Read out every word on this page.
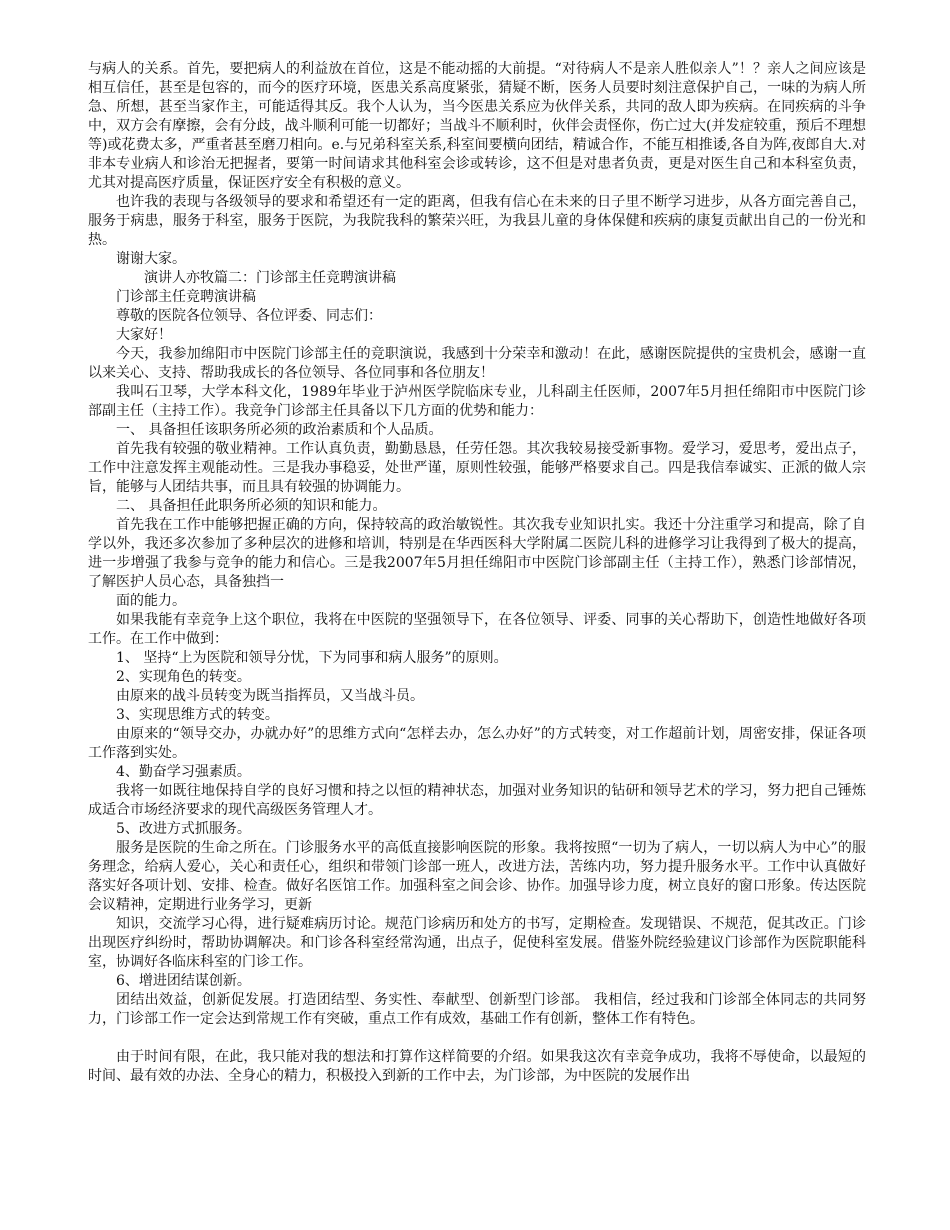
与病人的关系。首先，要把病人的利益放在首位，这是不能动摇的大前提。“对待病人不是亲人胜似亲人”！？亲人之间应该是相互信任，甚至是包容的，而今的医疗环境，医患关系高度紧张，猜疑不断，医务人员要时刻注意保护自己，一味的为病人所急、所想，甚至当家作主，可能适得其反。我个人认为，当今医患关系应为伙伴关系，共同的敌人即为疾病。在同疾病的斗争中，双方会有摩擦，会有分歧，战斗顺利可能一切都好；当战斗不顺利时，伙伴会责怪你，伤亡过大(并发症较重，预后不理想等)或花费太多，严重者甚至磨刀相向。e.与兄弟科室关系,科室间要横向团结，精诚合作，不能互相推诿,各自为阵,夜郎自大.对非本专业病人和诊治无把握者，要第一时间请求其他科室会诊或转诊，这不但是对患者负责，更是对医生自己和本科室负责，尤其对提高医疗质量，保证医疗安全有积极的意义。

也许我的表现与各级领导的要求和希望还有一定的距离，但我有信心在未来的日子里不断学习进步，从各方面完善自己，服务于病患，服务于科室，服务于医院，为我院我科的繁荣兴旺，为我县儿童的身体保健和疾病的康复贡献出自己的一份光和热。

谢谢大家。

演讲人亦牧篇二：门诊部主任竞聘演讲稿

门诊部主任竞聘演讲稿

尊敬的医院各位领导、各位评委、同志们：

大家好！

今天，我参加绵阳市中医院门诊部主任的竞职演说，我感到十分荣幸和激动！在此，感谢医院提供的宝贵机会，感谢一直以来关心、支持、帮助我成长的各位领导、各位同事和各位朋友！

我叫石卫琴，大学本科文化，1989年毕业于泸州医学院临床专业，儿科副主任医师，2007年5月担任绵阳市中医院门诊部副主任（主持工作）。我竞争门诊部主任具备以下几方面的优势和能力：

一、 具备担任该职务所必须的政治素质和个人品质。

首先我有较强的敬业精神。工作认真负责，勤勤恳恳，任劳任怨。其次我较易接受新事物。爱学习，爱思考，爱出点子，工作中注意发挥主观能动性。三是我办事稳妥，处世严谨，原则性较强，能够严格要求自己。四是我信奉诚实、正派的做人宗旨，能够与人团结共事，而且具有较强的协调能力。

二、 具备担任此职务所必须的知识和能力。

首先我在工作中能够把握正确的方向，保持较高的政治敏锐性。其次我专业知识扎实。我还十分注重学习和提高，除了自学以外，我还多次参加了多种层次的进修和培训，特别是在华西医科大学附属二医院儿科的进修学习让我得到了极大的提高，进一步增强了我参与竞争的能力和信心。三是我2007年5月担任绵阳市中医院门诊部副主任（主持工作），熟悉门诊部情况，了解医护人员心态，具备独挡一

面的能力。

如果我能有幸竞争上这个职位，我将在中医院的坚强领导下，在各位领导、评委、同事的关心帮助下，创造性地做好各项工作。在工作中做到：

1、 坚持“上为医院和领导分忧，下为同事和病人服务”的原则。

2、实现角色的转变。

由原来的战斗员转变为既当指挥员，又当战斗员。

3、实现思维方式的转变。

由原来的“领导交办，办就办好”的思维方式向“怎样去办，怎么办好”的方式转变，对工作超前计划，周密安排，保证各项工作落到实处。

4、勤奋学习强素质。

我将一如既往地保持自学的良好习惯和持之以恒的精神状态，加强对业务知识的钻研和领导艺术的学习，努力把自己锤炼成适合市场经济要求的现代高级医务管理人才。

5、改进方式抓服务。

服务是医院的生命之所在。门诊服务水平的高低直接影响医院的形象。我将按照“一切为了病人，一切以病人为中心”的服务理念，给病人爱心，关心和责任心，组织和带领门诊部一班人，改进方法，苦练内功，努力提升服务水平。工作中认真做好落实好各项计划、安排、检查。做好名医馆工作。加强科室之间会诊、协作。加强导诊力度，树立良好的窗口形象。传达医院会议精神，定期进行业务学习，更新

知识，交流学习心得，进行疑难病历讨论。规范门诊病历和处方的书写，定期检查。发现错误、不规范，促其改正。门诊出现医疗纠纷时，帮助协调解决。和门诊各科室经常沟通，出点子，促使科室发展。借鉴外院经验建议门诊部作为医院职能科室，协调好各临床科室的门诊工作。

6、增进团结谋创新。

团结出效益，创新促发展。打造团结型、务实性、奉献型、创新型门诊部。 我相信，经过我和门诊部全体同志的共同努力，门诊部工作一定会达到常规工作有突破，重点工作有成效，基础工作有创新，整体工作有特色。

由于时间有限，在此，我只能对我的想法和打算作这样简要的介绍。如果我这次有幸竞争成功，我将不辱使命，以最短的时间、最有效的办法、全身心的精力，积极投入到新的工作中去，为门诊部，为中医院的发展作出
